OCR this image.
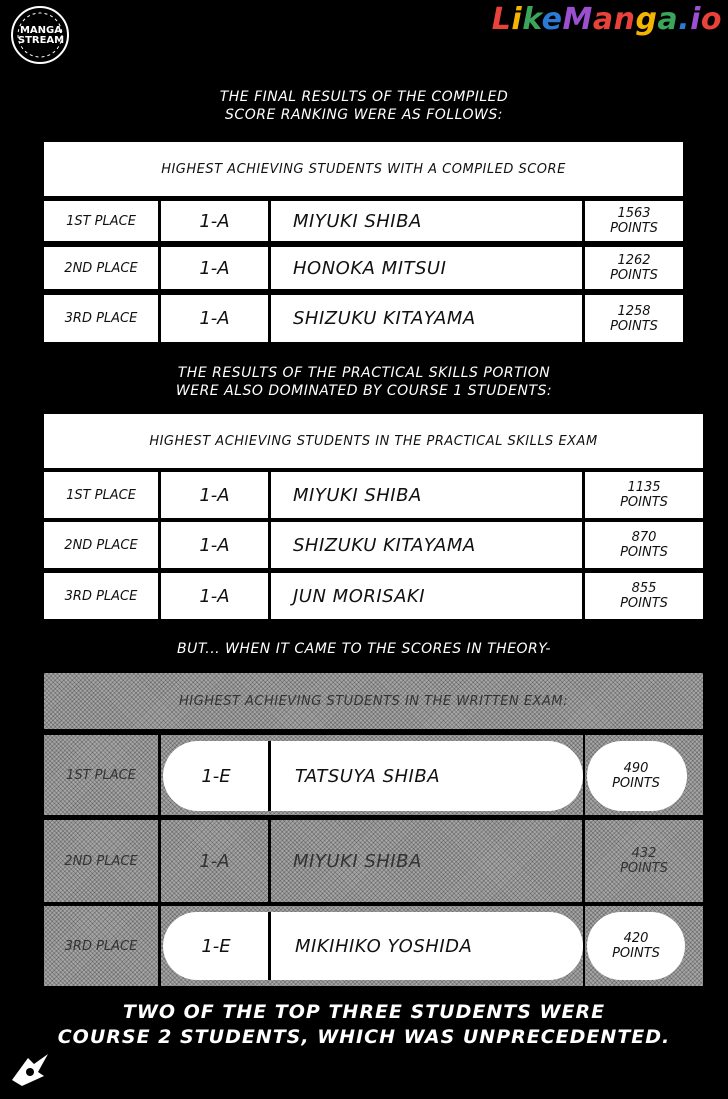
MANGA STREAM
LikeManga.io
THE FINAL RESULTS OF THE COMPILED
SCORE RANKING WERE AS FOLLOWS:
HIGHEST ACHIEVING STUDENTS WITH A COMPILED SCORE
1ST PLACE	1-A	MIYUKI SHIBA	1563
POINTS
2ND PLACE	1-A	HONOKA MITSUI	1262
POINTS
3RD PLACE	1-A	SHIZUKU KITAYAMA	1258
POINTS
THE RESULTS OF THE PRACTICAL SKILLS PORTION
WERE ALSO DOMINATED BY COURSE 1 STUDENTS:
HIGHEST ACHIEVING STUDENTS IN THE PRACTICAL SKILLS EXAM
1ST PLACE	1-A	MIYUKI SHIBA	1135
POINTS
2ND PLACE	1-A	SHIZUKU KITAYAMA	870
POINTS
3RD PLACE	1-A	JUN MORISAKI	855
POINTS
BUT... WHEN IT CAME TO THE SCORES IN THEORY-
HIGHEST ACHIEVING STUDENTS IN THE WRITTEN EXAM:
1ST PLACE	1-E	TATSUYA SHIBA	490
POINTS
2ND PLACE	1-A	MIYUKI SHIBA	432
POINTS
3RD PLACE	1-E	MIKIHIKO YOSHIDA	420
POINTS
TWO OF THE TOP THREE STUDENTS WERE
COURSE 2 STUDENTS, WHICH WAS UNPRECEDENTED.
